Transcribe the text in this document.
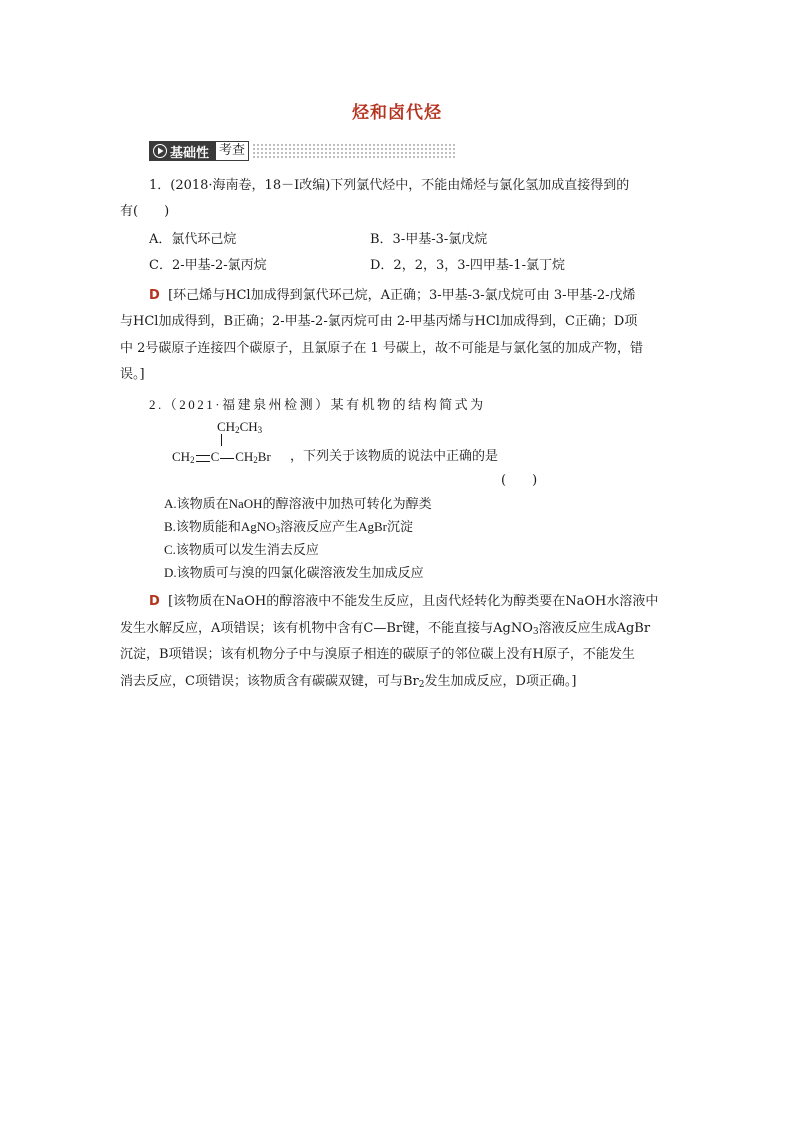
烃和卤代烃
基础性 考查
1．(2018·海南卷，18－Ⅰ改编)下列氯代烃中，不能由烯烃与氯化氢加成直接得到的
有(　　)
A．氯代环己烷	B．3-甲基-3-氯戊烷
C．2-甲基-2-氯丙烷	D．2，2，3，3-四甲基-1-氯丁烷
D [环己烯与HCl加成得到氯代环己烷，A正确；3-甲基-3-氯戊烷可由 3-甲基-2-戊烯
与HCl加成得到，B正确；2-甲基-2-氯丙烷可由 2-甲基丙烯与HCl加成得到，C正确；D项
中 2号碳原子连接四个碳原子，且氯原子在 1 号碳上，故不可能是与氯化氢的加成产物，错
误。]
2.（2021·福建泉州检测）某有机物的结构简式为
$CH_2CH_3$
$CH_2$ C $CH_2Br$ ，下列关于该物质的说法中正确的是
(　　)
A.该物质在NaOH的醇溶液中加热可转化为醇类
B.该物质能和AgNO$_3$溶液反应产生AgBr沉淀
C.该物质可以发生消去反应
D.该物质可与溴的四氯化碳溶液发生加成反应
D [该物质在NaOH的醇溶液中不能发生反应，且卤代烃转化为醇类要在NaOH水溶液中
发生水解反应，A项错误；该有机物中含有C—Br键，不能直接与AgNO$_3$溶液反应生成AgBr
沉淀，B项错误；该有机物分子中与溴原子相连的碳原子的邻位碳上没有H原子，不能发生
消去反应，C项错误；该物质含有碳碳双键，可与$Br_2$发生加成反应，D项正确。]
